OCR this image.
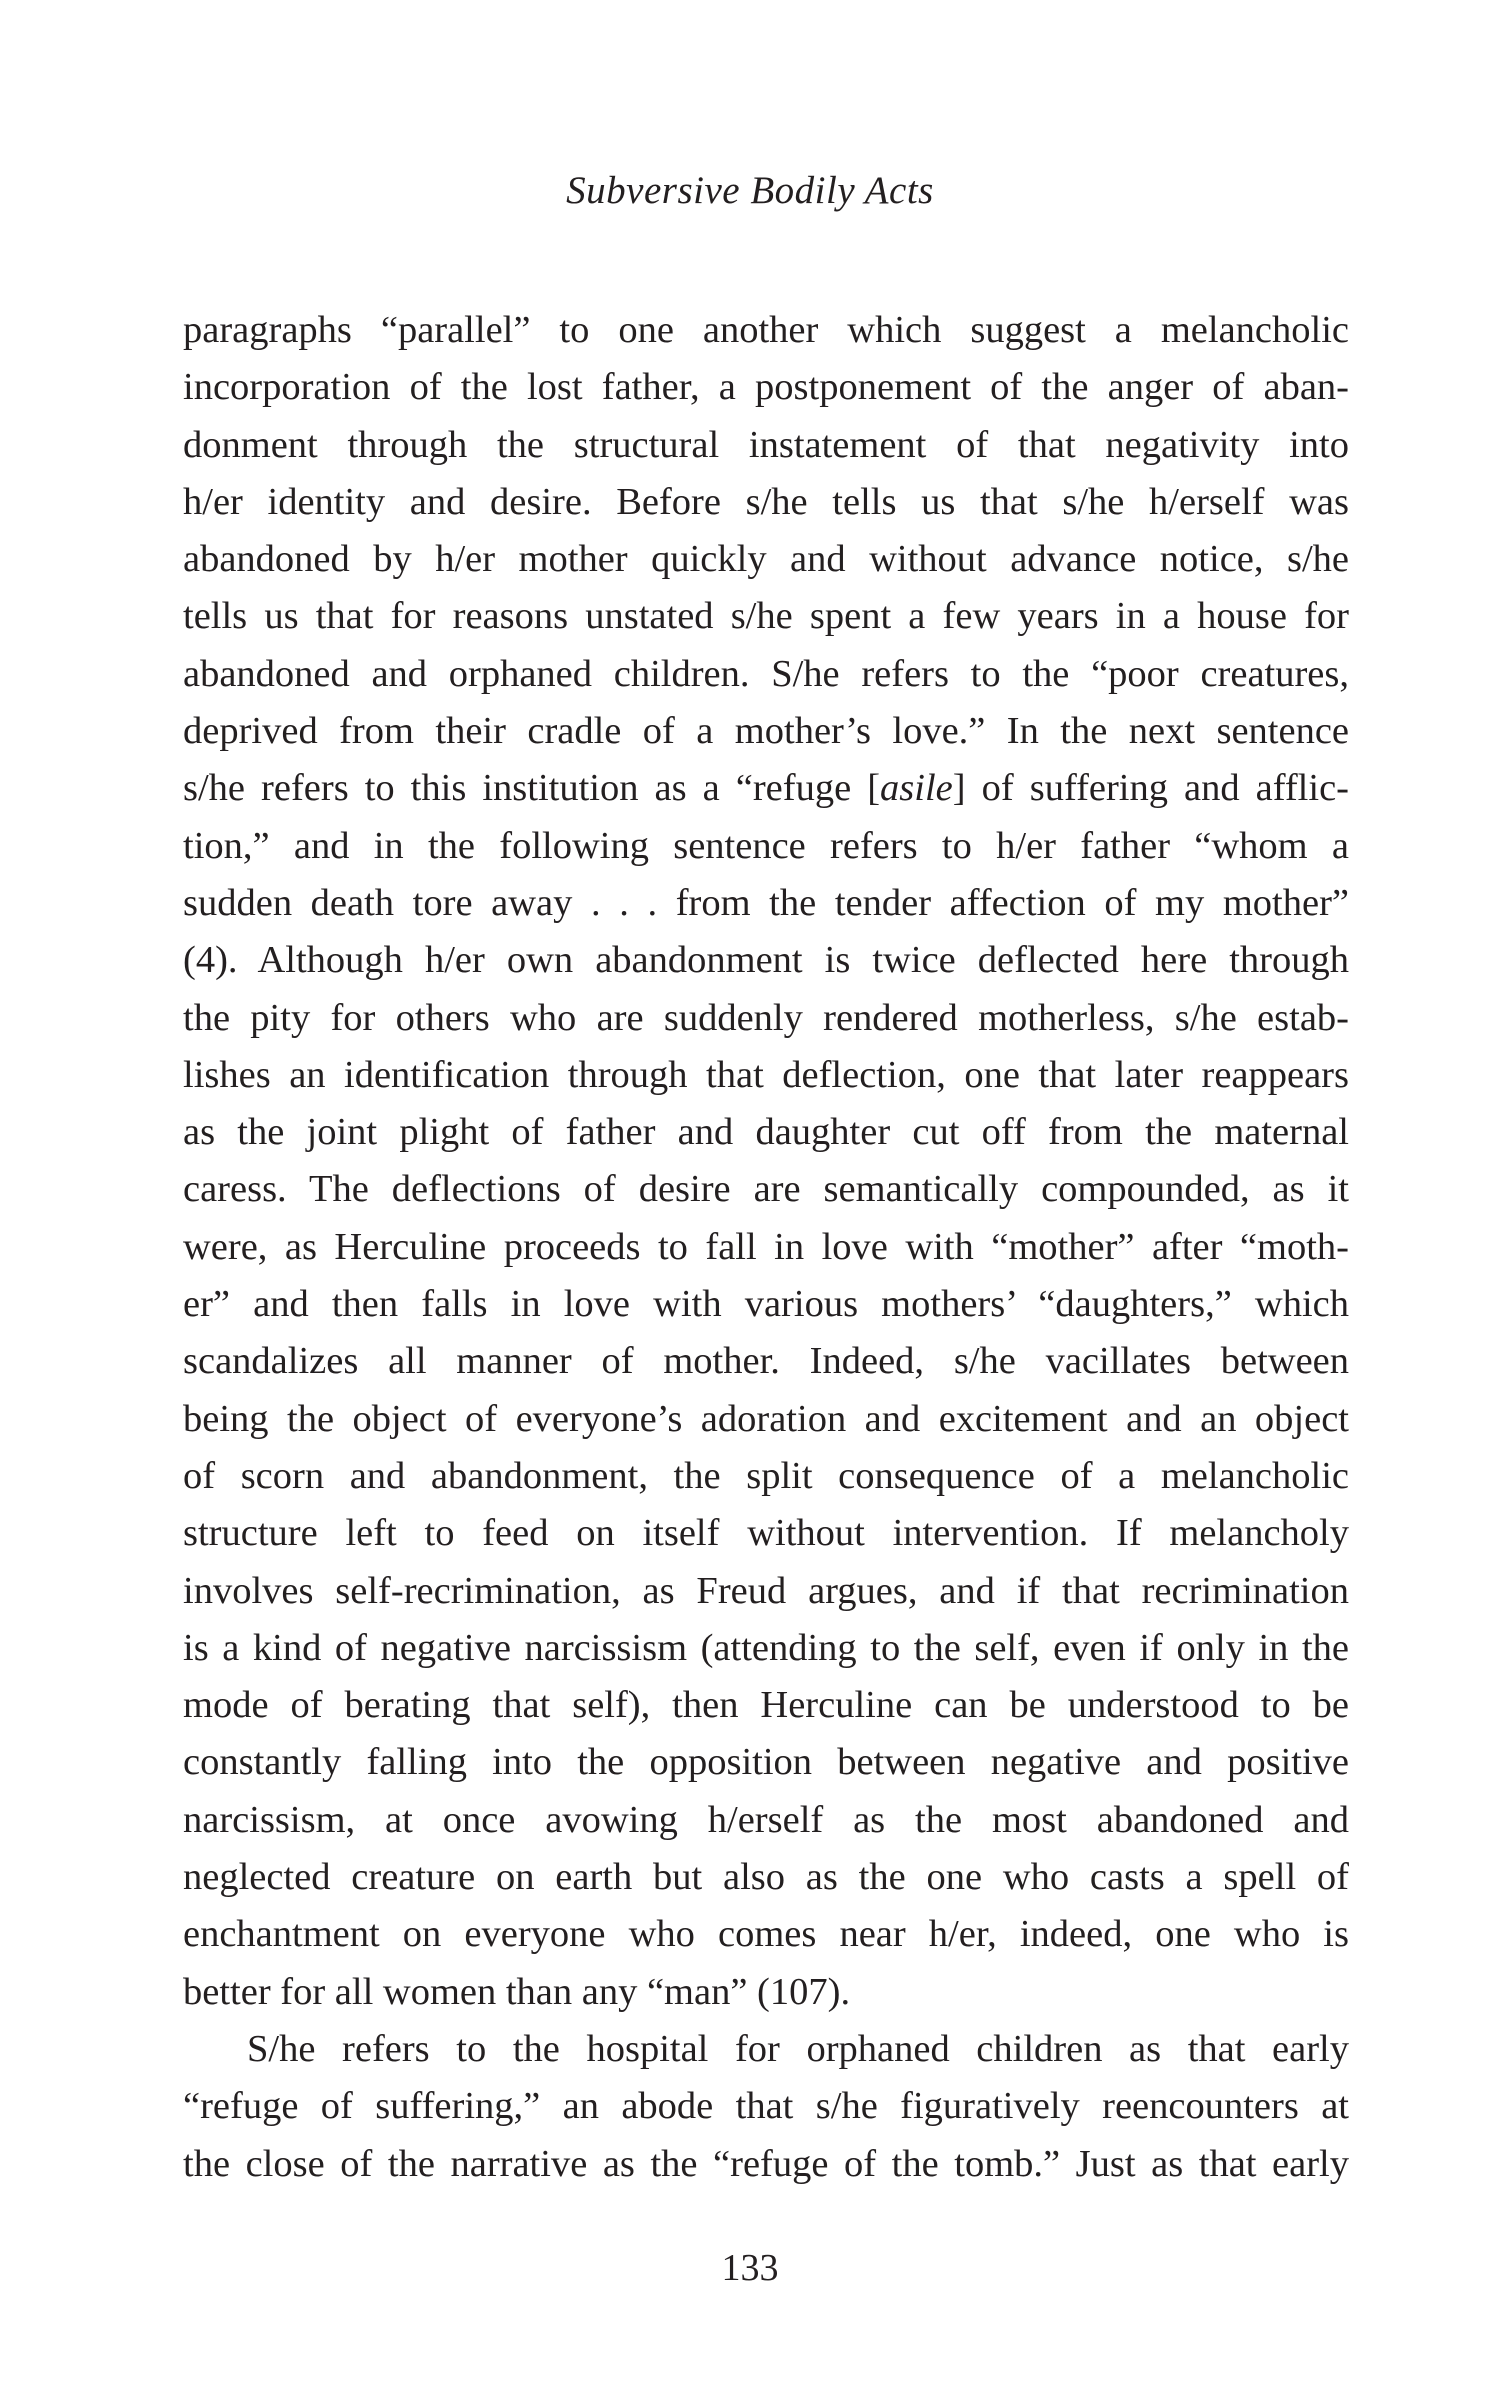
Subversive Bodily Acts
paragraphs “parallel” to one another which suggest a melancholic
incorporation of the lost father, a postponement of the anger of aban-
donment through the structural instatement of that negativity into
h/er identity and desire. Before s/he tells us that s/he h/erself was
abandoned by h/er mother quickly and without advance notice, s/he
tells us that for reasons unstated s/he spent a few years in a house for
abandoned and orphaned children. S/he refers to the “poor creatures,
deprived from their cradle of a mother’s love.” In the next sentence
s/he refers to this institution as a “refuge [asile] of suffering and afflic-
tion,” and in the following sentence refers to h/er father “whom a
sudden death tore away . . . from the tender affection of my mother”
(4). Although h/er own abandonment is twice deflected here through
the pity for others who are suddenly rendered motherless, s/he estab-
lishes an identification through that deflection, one that later reappears
as the joint plight of father and daughter cut off from the maternal
caress. The deflections of desire are semantically compounded, as it
were, as Herculine proceeds to fall in love with “mother” after “moth-
er” and then falls in love with various mothers’ “daughters,” which
scandalizes all manner of mother. Indeed, s/he vacillates between
being the object of everyone’s adoration and excitement and an object
of scorn and abandonment, the split consequence of a melancholic
structure left to feed on itself without intervention. If melancholy
involves self-recrimination, as Freud argues, and if that recrimination
is a kind of negative narcissism (attending to the self, even if only in the
mode of berating that self), then Herculine can be understood to be
constantly falling into the opposition between negative and positive
narcissism, at once avowing h/erself as the most abandoned and
neglected creature on earth but also as the one who casts a spell of
enchantment on everyone who comes near h/er, indeed, one who is
better for all women than any “man” (107).
S/he refers to the hospital for orphaned children as that early
“refuge of suffering,” an abode that s/he figuratively reencounters at
the close of the narrative as the “refuge of the tomb.” Just as that early
133
